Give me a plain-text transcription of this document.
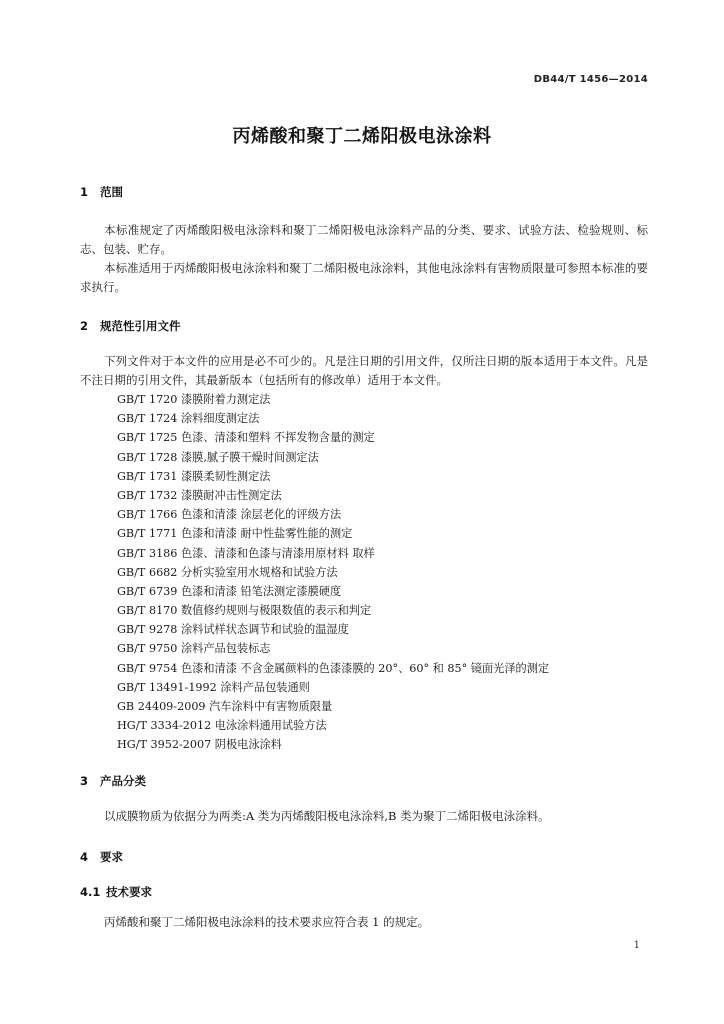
DB44/T 1456—2014
丙烯酸和聚丁二烯阳极电泳涂料
1 范围
本标准规定了丙烯酸阳极电泳涂料和聚丁二烯阳极电泳涂料产品的分类、要求、试验方法、检验规则、标志、包装、贮存。
本标准适用于丙烯酸阳极电泳涂料和聚丁二烯阳极电泳涂料，其他电泳涂料有害物质限量可参照本标准的要求执行。
2 规范性引用文件
下列文件对于本文件的应用是必不可少的。凡是注日期的引用文件，仅所注日期的版本适用于本文件。凡是不注日期的引用文件，其最新版本（包括所有的修改单）适用于本文件。
GB/T 1720 漆膜附着力测定法
GB/T 1724 涂料细度测定法
GB/T 1725 色漆、清漆和塑料 不挥发物含量的测定
GB/T 1728 漆膜,腻子膜干燥时间测定法
GB/T 1731 漆膜柔韧性测定法
GB/T 1732 漆膜耐冲击性测定法
GB/T 1766 色漆和清漆 涂层老化的评级方法
GB/T 1771 色漆和清漆 耐中性盐雾性能的测定
GB/T 3186 色漆、清漆和色漆与清漆用原材料 取样
GB/T 6682 分析实验室用水规格和试验方法
GB/T 6739 色漆和清漆 铅笔法测定漆膜硬度
GB/T 8170 数值修约规则与极限数值的表示和判定
GB/T 9278 涂料试样状态调节和试验的温湿度
GB/T 9750 涂料产品包装标志
GB/T 9754 色漆和清漆 不含金属颜料的色漆漆膜的 20°、60° 和 85° 镜面光泽的测定
GB/T 13491-1992 涂料产品包装通则
GB 24409-2009 汽车涂料中有害物质限量
HG/T 3334-2012 电泳涂料通用试验方法
HG/T 3952-2007 阴极电泳涂料
3 产品分类
以成膜物质为依据分为两类:A 类为丙烯酸阳极电泳涂料,B 类为聚丁二烯阳极电泳涂料。
4 要求
4.1 技术要求
丙烯酸和聚丁二烯阳极电泳涂料的技术要求应符合表 1 的规定。
1
